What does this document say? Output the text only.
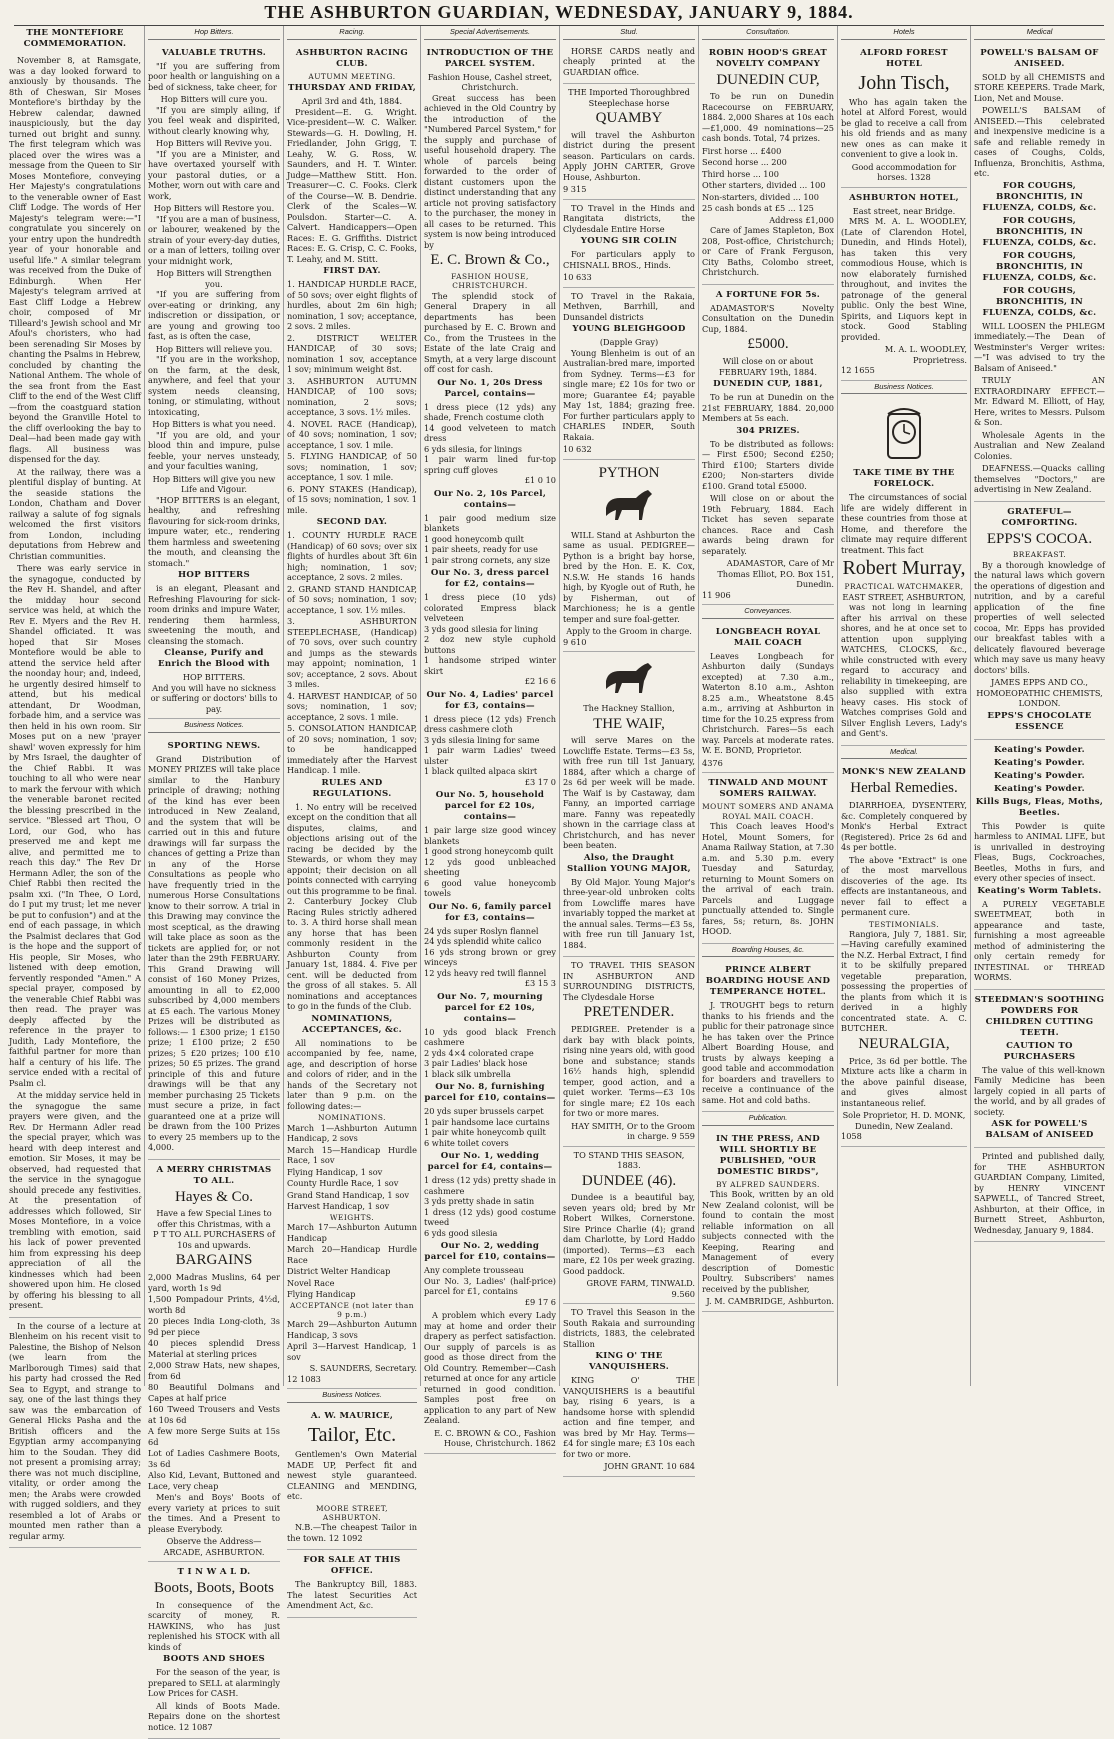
THE ASHBURTON GUARDIAN, WEDNESDAY, JANUARY 9, 1884.
THE MONTEFIORE COMMEMORATION.

November 8, at Ramsgate, was a day looked forward to anxiously by thousands. The 8th of Cheswan, Sir Moses Montefiore's birthday by the Hebrew calendar, dawned inauspiciously, but the day turned out bright and sunny. The first telegram which was placed over the wires was a message from the Queen to Sir Moses Montefiore, conveying Her Majesty's congratulations to the venerable owner of East Cliff Lodge. The words of Her Majesty's telegram were:—"I congratulate you sincerely on your entry upon the hundredth year of your honorable and useful life." A similar telegram was received from the Duke of Edinburgh. When Her Majesty's telegram arrived at East Cliff Lodge a Hebrew choir, composed of Mr Tilleard's Jewish school and Mr Afoul's choristers, who had been serenading Sir Moses by chanting the Psalms in Hebrew, concluded by chanting the National Anthem. The whole of the sea front from the East Cliff to the end of the West Cliff—from the coastguard station beyond the Granville Hotel to the cliff overlooking the bay to Deal—had been made gay with flags. All business was dispensed for the day.

At the railway, there was a plentiful display of bunting. At the seaside stations the London, Chatham and Dover railway a salute of fog signals welcomed the first visitors from London, including deputations from Hebrew and Christian communities.

There was early service in the synagogue, conducted by the Rev H. Shandel, and after the midday hour second service was held, at which the Rev E. Myers and the Rev H. Shandel officiated. It was hoped that Sir Moses Montefiore would be able to attend the service held after the noonday hour; and, indeed, he urgently desired himself to attend, but his medical attendant, Dr Woodman, forbade him, and a service was then held in his own room. Sir Moses put on a new 'prayer shawl' woven expressly for him by Mrs Israel, the daughter of the Chief Rabbi. It was touching to all who were near to mark the fervour with which the venerable baronet recited the blessing prescribed in the service. "Blessed art Thou, O Lord, our God, who has preserved me and kept me alive, and permitted me to reach this day." The Rev Dr Hermann Adler, the son of the Chief Rabbi then recited the psalm xxi. ("In Thee, O Lord, do I put my trust; let me never be put to confusion") and at the end of each passage, in which the Psalmist declares that God is the hope and the support of His people, Sir Moses, who listened with deep emotion, fervently responded "Amen." A special prayer, composed by the venerable Chief Rabbi was then read. The prayer was deeply affected by the reference in the prayer to Judith, Lady Montefiore, the faithful partner for more than half a century of his life. The service ended with a recital of Psalm cl.

At the midday service held in the synagogue the same prayers were given, and the Rev. Dr Hermann Adler read the special prayer, which was heard with deep interest and emotion. Sir Moses, it may be observed, had requested that the service in the synagogue should precede any festivities. At the presentation of addresses which followed, Sir Moses Montefiore, in a voice trembling with emotion, said his lack of power prevented him from expressing his deep appreciation of all the kindnesses which had been showered upon him. He closed by offering his blessing to all present.

In the course of a lecture at Blenheim on his recent visit to Palestine, the Bishop of Nelson (we learn from the Marlborough Times) said that his party had crossed the Red Sea to Egypt, and strange to say, one of the last things they saw was the embarcation of General Hicks Pasha and the British officers and the Egyptian army accompanying him to the Soudan. They did not present a promising array; there was not much discipline, vitality, or order among the men; the Arabs were crowded with rugged soldiers, and they resembled a lot of Arabs or mounted men rather than a regular army.

Hop Bitters.
VALUABLE TRUTHS.

"If you are suffering from poor health or languishing on a bed of sickness, take cheer, for

Hop Bitters will cure you.

"If you are simply ailing, if you feel weak and dispirited, without clearly knowing why,

Hop Bitters will Revive you.

"If you are a Minister, and have overtaxed yourself with your pastoral duties, or a Mother, worn out with care and work,

Hop Bitters will Restore you.

"If you are a man of business, or labourer, weakened by the strain of your every-day duties, or a man of letters, toiling over your midnight work,

Hop Bitters will Strengthen you.

"If you are suffering from over-eating or drinking, any indiscretion or dissipation, or are young and growing too fast, as is often the case,

Hop Bitters will relieve you.

"If you are in the workshop, on the farm, at the desk, anywhere, and feel that your system needs cleansing, toning, or stimulating, without intoxicating,

Hop Bitters is what you need.

"If you are old, and your blood thin and impure, pulse feeble, your nerves unsteady, and your faculties waning,

Hop Bitters will give you new Life and Vigour.

"HOP BITTERS is an elegant, healthy, and refreshing flavouring for sick-room drinks, impure water, etc., rendering them harmless and sweetening the mouth, and cleansing the stomach."

HOP BITTERS

is an elegant, Pleasant and Refreshing Flavouring for sick-room drinks and impure Water, rendering them harmless, sweetening the mouth, and cleansing the stomach.

Cleanse, Purify and Enrich the Blood with
HOP BITTERS.
And you will have no sickness or suffering or doctors' bills to pay.
Business Notices.
SPORTING NEWS.

Grand Distribution of MONEY PRIZES will take place similar to the Hanbury principle of drawing; nothing of the kind has ever been introduced in New Zealand, and the system that will be carried out in this and future drawings will far surpass the chances of getting a Prize than in any of the Horse Consultations as people who have frequently tried in the numerous Horse Consultations know to their sorrow. A trial in this Drawing may convince the most sceptical, as the drawing will take place as soon as the tickets are applied for, or not later than the 29th FEBRUARY. This Grand Drawing will consist of 160 Money Prizes, amounting in all to £2,000 subscribed by 4,000 members at £5 each. The various Money Prizes will be distributed as follows:— 1 £300 prize; 1 £150 prize; 1 £100 prize; 2 £50 prizes; 5 £20 prizes; 100 £10 prizes; 50 £5 prizes. The grand principle of this and future drawings will be that any member purchasing 25 Tickets must secure a prize, in fact guaranteed one at a prize will be drawn from the 100 Prizes to every 25 members up to the 4,000.

A MERRY CHRISTMAS TO ALL.
Hayes & Co.
Have a few Special Lines to offer this Christmas, with a
P T TO ALL PURCHASERS of 10s and upwards.
BARGAINS
2,000 Madras Muslins, 64 per yard, worth 1s 9d
1,500 Pompadour Prints, 4½d, worth 8d
20 pieces India Long-cloth, 3s 9d per piece
40 pieces splendid Dress Material at sterling prices
2,000 Straw Hats, new shapes, from 6d
80 Beautiful Dolmans and Capes at half price
160 Tweed Trousers and Vests at 10s 6d
A few more Serge Suits at 15s 6d
Lot of Ladies Cashmere Boots, 3s 6d
Also Kid, Levant, Buttoned and Lace, very cheap

Men's and Boys' Boots of every variety at prices to suit the times. And a Present to please Everybody.

Observe the Address— ARCADE, ASHBURTON.
T I N W A L D.
Boots, Boots, Boots

In consequence of the scarcity of money, R. HAWKINS, who has just replenished his STOCK with all kinds of

BOOTS AND SHOES

For the season of the year, is prepared to SELL at alarmingly Low Prices for CASH.

All kinds of Boots Made. Repairs done on the shortest notice. 12 1087

Racing.
ASHBURTON RACING CLUB.
AUTUMN MEETING.
THURSDAY AND FRIDAY,
April 3rd and 4th, 1884.

President—E. G. Wright. Vice-president—W. C. Walker. Stewards—G. H. Dowling, H. Friedlander, John Grigg, T. Leahy, W. G. Ross, W. Saunders, and H. T. Winter. Judge—Matthew Stitt. Hon. Treasurer—C. C. Fooks. Clerk of the Course—W. B. Dendrie. Clerk of the Scales—W. Poulsdon. Starter—C. A. Calvert. Handicappers—Open Races: E. G. Griffiths. District Races: E. G. Crisp, C. C. Fooks, T. Leahy, and M. Stitt.

FIRST DAY.
1. HANDICAP HURDLE RACE, of 50 sovs; over eight flights of hurdles, about 2m 6in high; nomination, 1 sov; acceptance, 2 sovs. 2 miles.
2. DISTRICT WELTER HANDICAP, of 30 sovs; nomination 1 sov, acceptance 1 sov; minimum weight 8st.
3. ASHBURTON AUTUMN HANDICAP, of 100 sovs; nomination, 2 sovs; acceptance, 3 sovs. 1½ miles.
4. NOVEL RACE (Handicap), of 40 sovs; nomination, 1 sov; acceptance, 1 sov. 1 mile.
5. FLYING HANDICAP, of 50 sovs; nomination, 1 sov; acceptance, 1 sov. 1 mile.
6. PONY STAKES (Handicap), of 15 sovs; nomination, 1 sov. 1 mile.
SECOND DAY.
1. COUNTY HURDLE RACE (Handicap) of 60 sovs; over six flights of hurdles about 3ft 6in high; nomination, 1 sov; acceptance, 2 sovs. 2 miles.
2. GRAND STAND HANDICAP, of 50 sovs; nomination, 1 sov; acceptance, 1 sov. 1½ miles.
3. ASHBURTON STEEPLECHASE, (Handicap) of 70 sovs, over such country and jumps as the stewards may appoint; nomination, 1 sov; acceptance, 2 sovs. About 3 miles.
4. HARVEST HANDICAP, of 50 sovs; nomination, 1 sov; acceptance, 2 sovs. 1 mile.
5. CONSOLATION HANDICAP, of 20 sovs; nomination, 1 sov; to be handicapped immediately after the Harvest Handicap. 1 mile.
RULES AND REGULATIONS.

1. No entry will be received except on the condition that all disputes, claims, and objections arising out of the racing be decided by the Stewards, or whom they may appoint; their decision on all points connected with carrying out this programme to be final. 2. Canterbury Jockey Club Racing Rules strictly adhered to. 3. A third horse shall mean any horse that has been commonly resident in the Ashburton County from January 1st, 1884. 4. Five per cent. will be deducted from the gross of all stakes. 5. All nominations and acceptances to go in the funds of the Club.

NOMINATIONS, ACCEPTANCES, &c.

All nominations to be accompanied by fee, name, age, and description of horse and colors of rider, and in the hands of the Secretary not later than 9 p.m. on the following dates:—

NOMINATIONS.
March 1—Ashburton Autumn Handicap, 2 sovs
March 15—Handicap Hurdle Race, 1 sov
Flying Handicap, 1 sov
County Hurdle Race, 1 sov
Grand Stand Handicap, 1 sov
Harvest Handicap, 1 sov
WEIGHTS.
March 17—Ashburton Autumn Handicap
March 20—Handicap Hurdle Race
District Welter Handicap
Novel Race
Flying Handicap
ACCEPTANCE (not later than 9 p.m.)
March 29—Ashburton Autumn Handicap, 3 sovs
April 3—Harvest Handicap, 1 sov
S. SAUNDERS, Secretary.
12 1083
Business Notices.
A. W. MAURICE,
Tailor, Etc.

Gentlemen's Own Material MADE UP, Perfect fit and newest style guaranteed. CLEANING and MENDING, etc.

MOORE STREET, ASHBURTON.

N.B.—The cheapest Tailor in the town. 12 1092

FOR SALE AT THIS OFFICE.

The Bankruptcy Bill, 1883. The latest Securities Act Amendment Act, &c.

Special Advertisements.
INTRODUCTION OF THE PARCEL SYSTEM.
Fashion House, Cashel street, Christchurch.

Great success has been achieved in the Old Country by the introduction of the "Numbered Parcel System," for the supply and purchase of useful household drapery. The whole of parcels being forwarded to the order of distant customers upon the distinct understanding that any article not proving satisfactory to the purchaser, the money in all cases to be returned. This system is now being introduced by

E. C. Brown & Co.,
FASHION HOUSE, CHRISTCHURCH.

The splendid stock of General Drapery in all departments has been purchased by E. C. Brown and Co., from the Trustees in the Estate of the late Craig and Smyth, at a very large discount off cost for cash.

Our No. 1, 20s Dress Parcel, contains—
1 dress piece (12 yds) any shade, French costume cloth
14 good velveteen to match dress
6 yds silesia, for linings
1 pair warm lined fur-top spring cuff gloves
£1 0 10
Our No. 2, 10s Parcel, contains—
1 pair good medium size blankets
1 good honeycomb quilt
1 pair sheets, ready for use
1 pair strong cornets, any size
Our No. 3, dress parcel for £2, contains—
1 dress piece (10 yds) colorated Empress black velveteen
3 yds good silesia for lining
2 doz new style cuphold buttons
1 handsome striped winter skirt
£2 16 6
Our No. 4, Ladies' parcel for £3, contains—
1 dress piece (12 yds) French dress cashmere cloth
3 yds silesia lining for same
1 pair warm Ladies' tweed ulster
1 black quilted alpaca skirt
£3 17 0
Our No. 5, household parcel for £2 10s, contains—
1 pair large size good wincey blankets
1 good strong honeycomb quilt
12 yds good unbleached sheeting
6 good value honeycomb towels
Our No. 6, family parcel for £3, contains—
24 yds super Roslyn flannel
24 yds splendid white calico
16 yds strong brown or grey winceys
12 yds heavy red twill flannel
£3 15 3
Our No. 7, mourning parcel for £2 10s, contains—
10 yds good black French cashmere
2 yds 4×4 colorated crape
3 pair Ladies' black hose
1 black silk umbrella
Our No. 8, furnishing parcel for £10, contains—
20 yds super brussels carpet
1 pair handsome lace curtains
1 pair white honeycomb quilt
6 white toilet covers
Our No. 1, wedding parcel for £4, contains—
1 dress (12 yds) pretty shade in cashmere
3 yds pretty shade in satin
1 dress (12 yds) good costume tweed
6 yds good silesia
Our No. 2, wedding parcel for £10, contains—
Any complete trousseau
Our No. 3, Ladies' (half-price) parcel for £1, contains
£9 17 6

A problem which every Lady may at home and order their drapery as perfect satisfaction. Our supply of parcels is as good as those direct from the Old Country. Remember—Cash returned at once for any article returned in good condition. Samples post free on application to any part of New Zealand.

E. C. BROWN & CO., Fashion House, Christchurch. 1862
Stud.

HORSE CARDS neatly and cheaply printed at the GUARDIAN office.

THE Imported Thoroughbred Steeplechase horse
QUAMBY

will travel the Ashburton district during the present season. Particulars on cards. Apply JOHN CARTER, Grove House, Ashburton.

9 315

TO Travel in the Hinds and Rangitata districts, the Clydesdale Entire Horse

YOUNG SIR COLIN

For particulars apply to CHISNALL BROS., Hinds.

10 633

TO Travel in the Rakaia, Methven, Barrhill, and Dunsandel districts

YOUNG BLEIGHGOOD
(Dapple Gray)

Young Blenheim is out of an Australian-bred mare, imported from Sydney. Terms—£3 for single mare; £2 10s for two or more; Guarantee £4; payable May 1st, 1884; grazing free. For further particulars apply to CHARLES INDER, South Rakaia.

10 632
PYTHON

WILL Stand at Ashburton the same as usual. PEDIGREE—Python is a bright bay horse, bred by the Hon. E. K. Cox, N.S.W. He stands 16 hands high, by Kyogle out of Ruth, he by Fisherman, out of Marchioness; he is a gentle temper and sure foal-getter.

Apply to the Groom in charge.
9 610
The Hackney Stallion,
THE WAIF,

will serve Mares on the Lowcliffe Estate. Terms—£3 5s, with free run till 1st January, 1884, after which a charge of 2s 6d per week will be made. The Waif is by Castaway, dam Fanny, an imported carriage mare. Fanny was repeatedly shown in the carriage class at Christchurch, and has never been beaten.

Also, the Draught Stallion YOUNG MAJOR,

By Old Major. Young Major's three-year-old unbroken colts from Lowcliffe mares have invariably topped the market at the annual sales. Terms—£3 5s, with free run till January 1st, 1884.

TO TRAVEL THIS SEASON IN ASHBURTON AND SURROUNDING DISTRICTS, The Clydesdale Horse

PRETENDER.

PEDIGREE. Pretender is a dark bay with black points, rising nine years old, with good bone and substance; stands 16½ hands high, splendid temper, good action, and a quiet worker. Terms—£3 10s for single mare; £2 10s each for two or more mares.

HAY SMITH, Or to the Groom in charge. 9 559
TO STAND THIS SEASON, 1883.
DUNDEE (46).

Dundee is a beautiful bay, seven years old; bred by Mr Robert Wilkes, Cornerstone. Sire Prince Charlie (4); grand dam Charlotte, by Lord Haddo (imported). Terms—£3 each mare, £2 10s per week grazing. Good paddock.

GROVE FARM, TINWALD. 9.560

TO Travel this Season in the South Rakaia and surrounding districts, 1883, the celebrated Stallion

KING O' THE VANQUISHERS.

KING O' THE VANQUISHERS is a beautiful bay, rising 6 years, is a handsome horse with splendid action and fine temper, and was bred by Mr Hay. Terms—£4 for single mare; £3 10s each for two or more.

JOHN GRANT. 10 684
Consultation.
ROBIN HOOD'S GREAT NOVELTY COMPANY
DUNEDIN CUP,

To be run on Dunedin Racecourse on FEBRUARY, 1884. 2,000 Shares at 10s each—£1,000. 49 nominations—25 cash bonds. Total, 74 prizes.

First horse ... £400
Second horse ... 200
Third horse ... 100
Other starters, divided ... 100
Non-starters, divided ... 100
25 cash bonds at £5 ... 125
Address £1,000

Care of James Stapleton, Box 208, Post-office, Christchurch; or Care of Frank Ferguson, City Baths, Colombo street, Christchurch.

A FORTUNE FOR 5s.

ADAMASTOR'S Novelty Consultation on the Dunedin Cup, 1884.

£5000.
Will close on or about FEBRUARY 19th, 1884.
DUNEDIN CUP, 1881,

To be run at Dunedin on the 21st FEBRUARY, 1884. 20,000 Members at 5s each.

304 PRIZES.

To be distributed as follows:— First £500; Second £250; Third £100; Starters divide £200; Non-starters divide £100. Grand total £5000.

Will close on or about the 19th February, 1884. Each Ticket has seven separate chances. Race and Cash awards being drawn for separately.

ADAMASTOR, Care of Mr Thomas Elliot, P.O. Box 151, Dunedin.
11 906
Conveyances.
LONGBEACH ROYAL MAIL COACH

Leaves Longbeach for Ashburton daily (Sundays excepted) at 7.30 a.m., Waterton 8.10 a.m., Ashton 8.25 a.m., Wheatstone 8.45 a.m., arriving at Ashburton in time for the 10.25 express from Christchurch. Fares—5s each way. Parcels at moderate rates. W. E. BOND, Proprietor.

4376
TINWALD AND MOUNT SOMERS RAILWAY.
MOUNT SOMERS AND ANAMA ROYAL MAIL COACH.

This Coach leaves Hood's Hotel, Mount Somers, for Anama Railway Station, at 7.30 a.m. and 5.30 p.m. every Tuesday and Saturday, returning to Mount Somers on the arrival of each train. Parcels and Luggage punctually attended to. Single fares, 5s; return, 8s. JOHN HOOD.

Boarding Houses, &c.
PRINCE ALBERT BOARDING HOUSE AND TEMPERANCE HOTEL.

J. TROUGHT begs to return thanks to his friends and the public for their patronage since he has taken over the Prince Albert Boarding House, and trusts by always keeping a good table and accommodation for boarders and travellers to receive a continuance of the same. Hot and cold baths.

Publication.
IN THE PRESS, AND WILL SHORTLY BE PUBLISHED, "OUR DOMESTIC BIRDS",
BY ALFRED SAUNDERS.

This Book, written by an old New Zealand colonist, will be found to contain the most reliable information on all subjects connected with the Keeping, Rearing and Management of every description of Domestic Poultry. Subscribers' names received by the publisher,

J. M. CAMBRIDGE, Ashburton.
Hotels
ALFORD FOREST HOTEL
John Tisch,

Who has again taken the hotel at Alford Forest, would be glad to receive a call from his old friends and as many new ones as can make it convenient to give a look in.

Good accommodation for horses. 1328
ASHBURTON HOTEL,
East street, near Bridge.

MRS M. A. L. WOODLEY, (Late of Clarendon Hotel, Dunedin, and Hinds Hotel), has taken this very commodious House, which is now elaborately furnished throughout, and invites the patronage of the general public. Only the best Wine, Spirits, and Liquors kept in stock. Good Stabling provided.

M. A. L. WOODLEY, Proprietress.
12 1655
Business Notices.
TAKE TIME BY THE FORELOCK.

The circumstances of social life are widely different in these countries from those at Home, and therefore the climate may require different treatment. This fact

Robert Murray,
PRACTICAL WATCHMAKER,
EAST STREET, ASHBURTON,

was not long in learning after his arrival on these shores, and he at once set to attention upon supplying WATCHES, CLOCKS, &c., while constructed with every regard to accuracy and reliability in timekeeping, are also supplied with extra heavy cases. His stock of Watches comprises Gold and Silver English Levers, Lady's and Gent's.

Medical.
MONK'S NEW ZEALAND
Herbal Remedies.

DIARRHOEA, DYSENTERY, &c. Completely conquered by Monk's Herbal Extract (Registered). Price 2s 6d and 4s per bottle.

The above "Extract" is one of the most marvellous discoveries of the age. Its effects are instantaneous, and never fail to effect a permanent cure.

TESTIMONIALS.

Rangiora, July 7, 1881. Sir,—Having carefully examined the N.Z. Herbal Extract, I find it to be skilfully prepared vegetable preparation, possessing the properties of the plants from which it is derived in a highly concentrated state. A. C. BUTCHER.

NEURALGIA,

Price, 3s 6d per bottle. The Mixture acts like a charm in the above painful disease, and gives almost instantaneous relief.

Sole Proprietor, H. D. MONK, Dunedin, New Zealand.
1058
Medical
POWELL'S BALSAM OF ANISEED.

SOLD by all CHEMISTS and STORE KEEPERS. Trade Mark, Lion, Net and Mouse.

POWELL'S BALSAM of ANISEED.—This celebrated and inexpensive medicine is a safe and reliable remedy in cases of Coughs, Colds, Influenza, Bronchitis, Asthma, etc.

FOR COUGHS, BRONCHITIS, IN FLUENZA, COLDS, &c.
FOR COUGHS, BRONCHITIS, IN FLUENZA, COLDS, &c.
FOR COUGHS, BRONCHITIS, IN FLUENZA, COLDS, &c.
FOR COUGHS, BRONCHITIS, IN FLUENZA, COLDS, &c.

WILL LOOSEN the PHLEGM immediately.—The Dean of Westminster's Verger writes:—"I was advised to try the Balsam of Aniseed."

TRULY AN EXTRAORDINARY EFFECT.—Mr. Edward M. Elliott, of Hay, Here, writes to Messrs. Pulsom & Son.

Wholesale Agents in the Australian and New Zealand Colonies.

DEAFNESS.—Quacks calling themselves "Doctors," are advertising in New Zealand.

GRATEFUL—COMFORTING.
EPPS'S COCOA.
BREAKFAST.

By a thorough knowledge of the natural laws which govern the operations of digestion and nutrition, and by a careful application of the fine properties of well selected cocoa, Mr. Epps has provided our breakfast tables with a delicately flavoured beverage which may save us many heavy doctors' bills.

JAMES EPPS AND CO., HOMOEOPATHIC CHEMISTS, LONDON.
EPPS'S CHOCOLATE ESSENCE
Keating's Powder.
Keating's Powder.
Keating's Powder.
Keating's Powder.
Kills Bugs, Fleas, Moths, Beetles.

This Powder is quite harmless to ANIMAL LIFE, but is unrivalled in destroying Fleas, Bugs, Cockroaches, Beetles, Moths in furs, and every other species of insect.

Keating's Worm Tablets.

A PURELY VEGETABLE SWEETMEAT, both in appearance and taste, furnishing a most agreeable method of administering the only certain remedy for INTESTINAL or THREAD WORMS.

STEEDMAN'S SOOTHING POWDERS FOR CHILDREN CUTTING TEETH.
CAUTION TO PURCHASERS

The value of this well-known Family Medicine has been largely copied in all parts of the world, and by all grades of society.

ASK for POWELL'S BALSAM of ANISEED

Printed and published daily, for THE ASHBURTON GUARDIAN Company, Limited, by HENRY VINCENT SAPWELL, of Tancred Street, Ashburton, at their Office, in Burnett Street, Ashburton, Wednesday, January 9, 1884.
